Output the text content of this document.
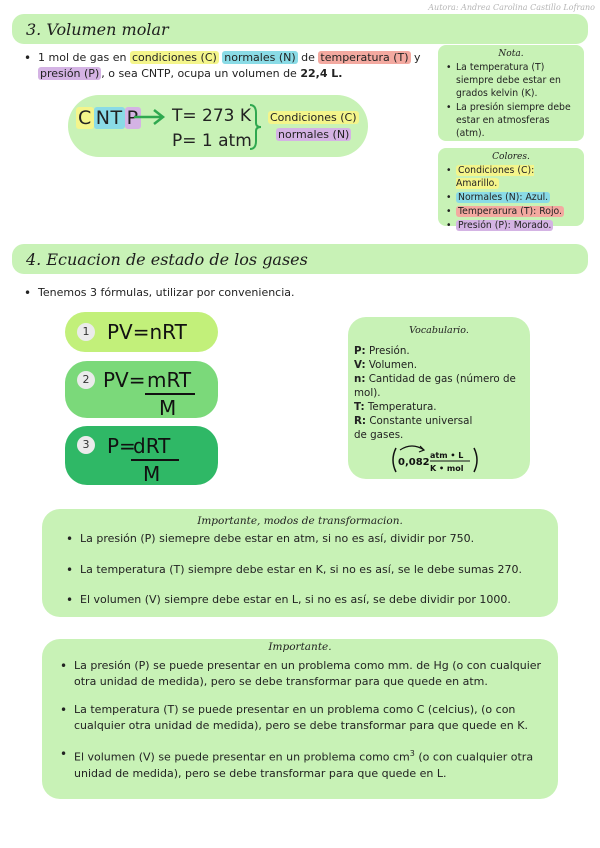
Autora: Andrea Carolina Castillo Lofrano
3. Volumen molar
• 1 mol de gas en condiciones (C) normales (N) de temperatura (T) y presión (P) , o sea CNTP, ocupa un volumen de 22,4 L.
C NT P T= 273 K
P= 1 atm
Condiciones (C)
normales (N)
Nota.
• La temperatura (T) siempre debe estar en grados kelvin (K).
• La presión siempre debe estar en atmosferas (atm).
Colores.
• Condiciones (C): Amarillo.
• Normales (N): Azul.
• Temperarura (T): Rojo.
• Presión (P): Morado.
4. Ecuacion de estado de los gases
• Tenemos 3 fórmulas, utilizar por conveniencia.
1 PV=nRT
2 PV= mRT
M
3 P=
dRT
M
Vocabulario.

P: Presión.

V: Volumen.

n: Cantidad de gas (número de mol).

T: Temperatura.

R: Constante universal de gases.

0,082
atm • L
K • mol
Importante, modos de transformacion.
• La presión (P) siemepre debe estar en atm, si no es así, dividir por 750.
• La temperatura (T) siempre debe estar en K, si no es así, se le debe sumas 270.
• El volumen (V) siempre debe estar en L, si no es así, se debe dividir por 1000.
Importante.
• La presión (P) se puede presentar en un problema como mm. de Hg (o con cualquier otra unidad de medida), pero se debe transformar para que quede en atm.
• La temperatura (T) se puede presentar en un problema como C (celcius), (o con cualquier otra unidad de medida), pero se debe transformar para que quede en K.
• El volumen (V) se puede presentar en un problema como $cm^3$ (o con cualquier otra unidad de medida), pero se debe transformar para que quede en L.
